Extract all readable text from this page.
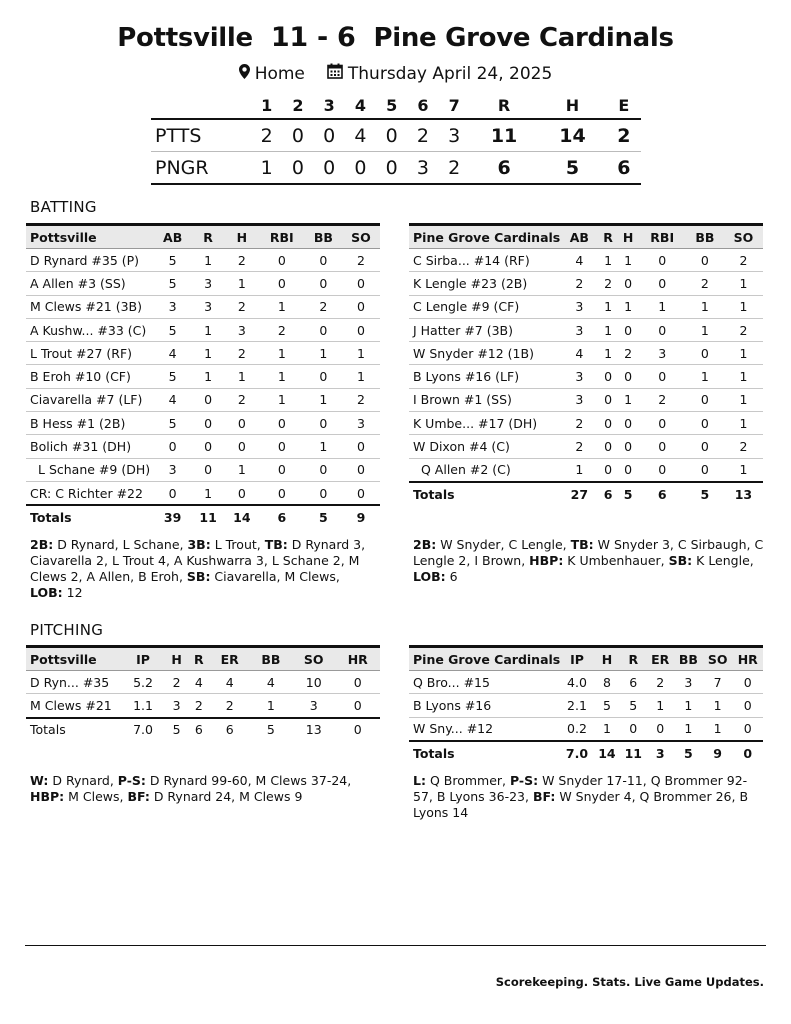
Pottsville 11 - 6 Pine Grove Cardinals
Home	Thursday April 24, 2025
	1	2	3	4	5	6	7	R	H	E
PTTS	2	0	0	4	0	2	3	11	14	2
PNGR	1	0	0	0	0	3	2	6	5	6
BATTING
Pottsville	AB	R	H	RBI	BB	SO
D Rynard #35 (P)	5	1	2	0	0	2
A Allen #3 (SS)	5	3	1	0	0	0
M Clews #21 (3B)	3	3	2	1	2	0
A Kushw... #33 (C)	5	1	3	2	0	0
L Trout #27 (RF)	4	1	2	1	1	1
B Eroh #10 (CF)	5	1	1	1	0	1
Ciavarella #7 (LF)	4	0	2	1	1	2
B Hess #1 (2B)	5	0	0	0	0	3
Bolich #31 (DH)	0	0	0	0	1	0
L Schane #9 (DH)	3	0	1	0	0	0
CR: C Richter #22	0	1	0	0	0	0
Totals	39	11	14	6	5	9
Pine Grove Cardinals	AB	R	H	RBI	BB	SO
C Sirba... #14 (RF)	4	1	1	0	0	2
K Lengle #23 (2B)	2	2	0	0	2	1
C Lengle #9 (CF)	3	1	1	1	1	1
J Hatter #7 (3B)	3	1	0	0	1	2
W Snyder #12 (1B)	4	1	2	3	0	1
B Lyons #16 (LF)	3	0	0	0	1	1
I Brown #1 (SS)	3	0	1	2	0	1
K Umbe... #17 (DH)	2	0	0	0	0	1
W Dixon #4 (C)	2	0	0	0	0	2
Q Allen #2 (C)	1	0	0	0	0	1
Totals	27	6	5	6	5	13
2B: D Rynard, L Schane, 3B: L Trout, TB: D Rynard 3, Ciavarella 2, L Trout 4, A Kushwarra 3, L Schane 2, M Clews 2, A Allen, B Eroh, SB: Ciavarella, M Clews,
LOB: 12
2B: W Snyder, C Lengle, TB: W Snyder 3, C Sirbaugh, C Lengle 2, I Brown, HBP: K Umbenhauer, SB: K Lengle, LOB: 6
PITCHING
Pottsville	IP	H	R	ER	BB	SO	HR
D Ryn... #35	5.2	2	4	4	4	10	0
M Clews #21	1.1	3	2	2	1	3	0
Totals	7.0	5	6	6	5	13	0
Pine Grove Cardinals	IP	H	R	ER	BB	SO	HR
Q Bro... #15	4.0	8	6	2	3	7	0
B Lyons #16	2.1	5	5	1	1	1	0
W Sny... #12	0.2	1	0	0	1	1	0
Totals	7.0	14	11	3	5	9	0
W: D Rynard, P-S: D Rynard 99-60, M Clews 37-24,
HBP: M Clews, BF: D Rynard 24, M Clews 9
L: Q Brommer, P-S: W Snyder 17-11, Q Brommer 92-57, B Lyons 36-23, BF: W Snyder 4, Q Brommer 26, B Lyons 14
Scorekeeping. Stats. Live Game Updates.
